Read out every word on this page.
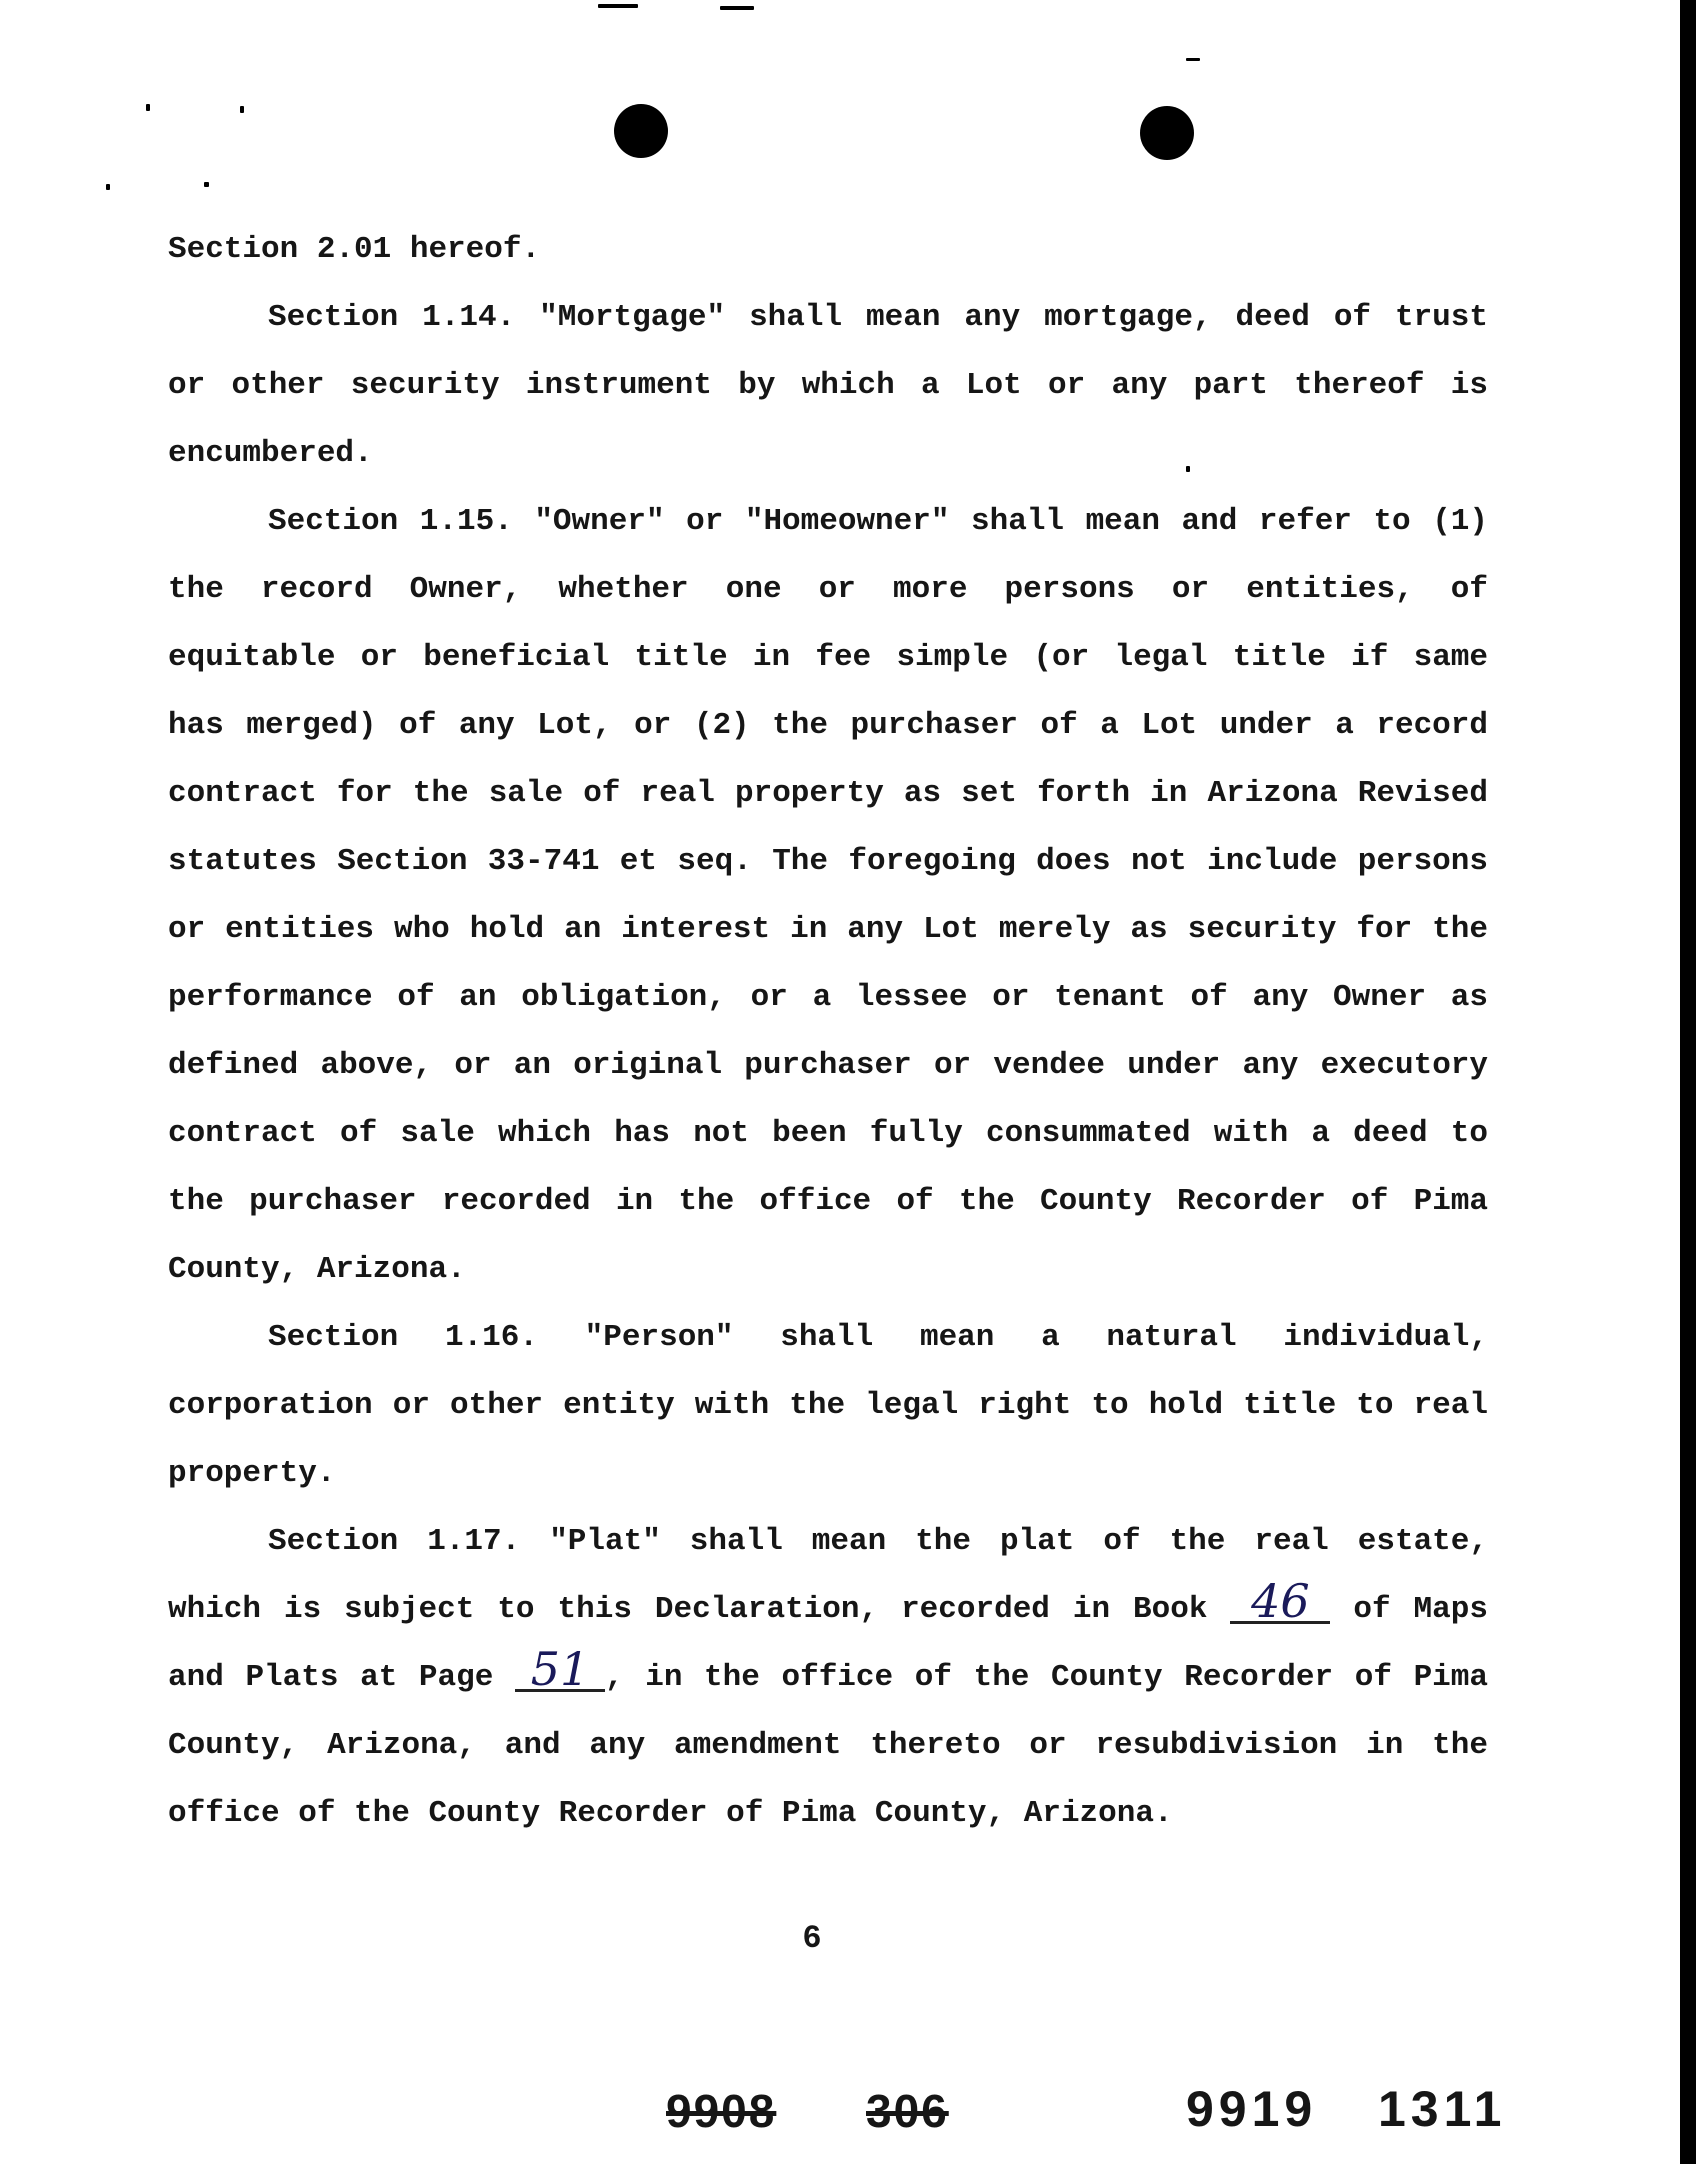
Section 2.01 hereof.

Section 1.14. "Mortgage" shall mean any mortgage, deed of trust or other security instrument by which a Lot or any part thereof is encumbered.

Section 1.15. "Owner" or "Homeowner" shall mean and refer to (1) the record Owner, whether one or more persons or entities, of equitable or beneficial title in fee simple (or legal title if same has merged) of any Lot, or (2) the purchaser of a Lot under a record contract for the sale of real property as set forth in Arizona Revised statutes Section 33-741 et seq. The foregoing does not include persons or entities who hold an interest in any Lot merely as security for the performance of an obligation, or a lessee or tenant of any Owner as defined above, or an original purchaser or vendee under any executory contract of sale which has not been fully consummated with a deed to the purchaser recorded in the office of the County Recorder of Pima County, Arizona.

Section 1.16. "Person" shall mean a natural individual, corporation or other entity with the legal right to hold title to real property.

Section 1.17. "Plat" shall mean the plat of the real estate, which is subject to this Declaration, recorded in Book 46 of Maps and Plats at Page 51 , in the office of the County Recorder of Pima County, Arizona, and any amendment thereto or resubdivision in the office of the County Recorder of Pima County, Arizona.

6
9908 306	9919 1311
